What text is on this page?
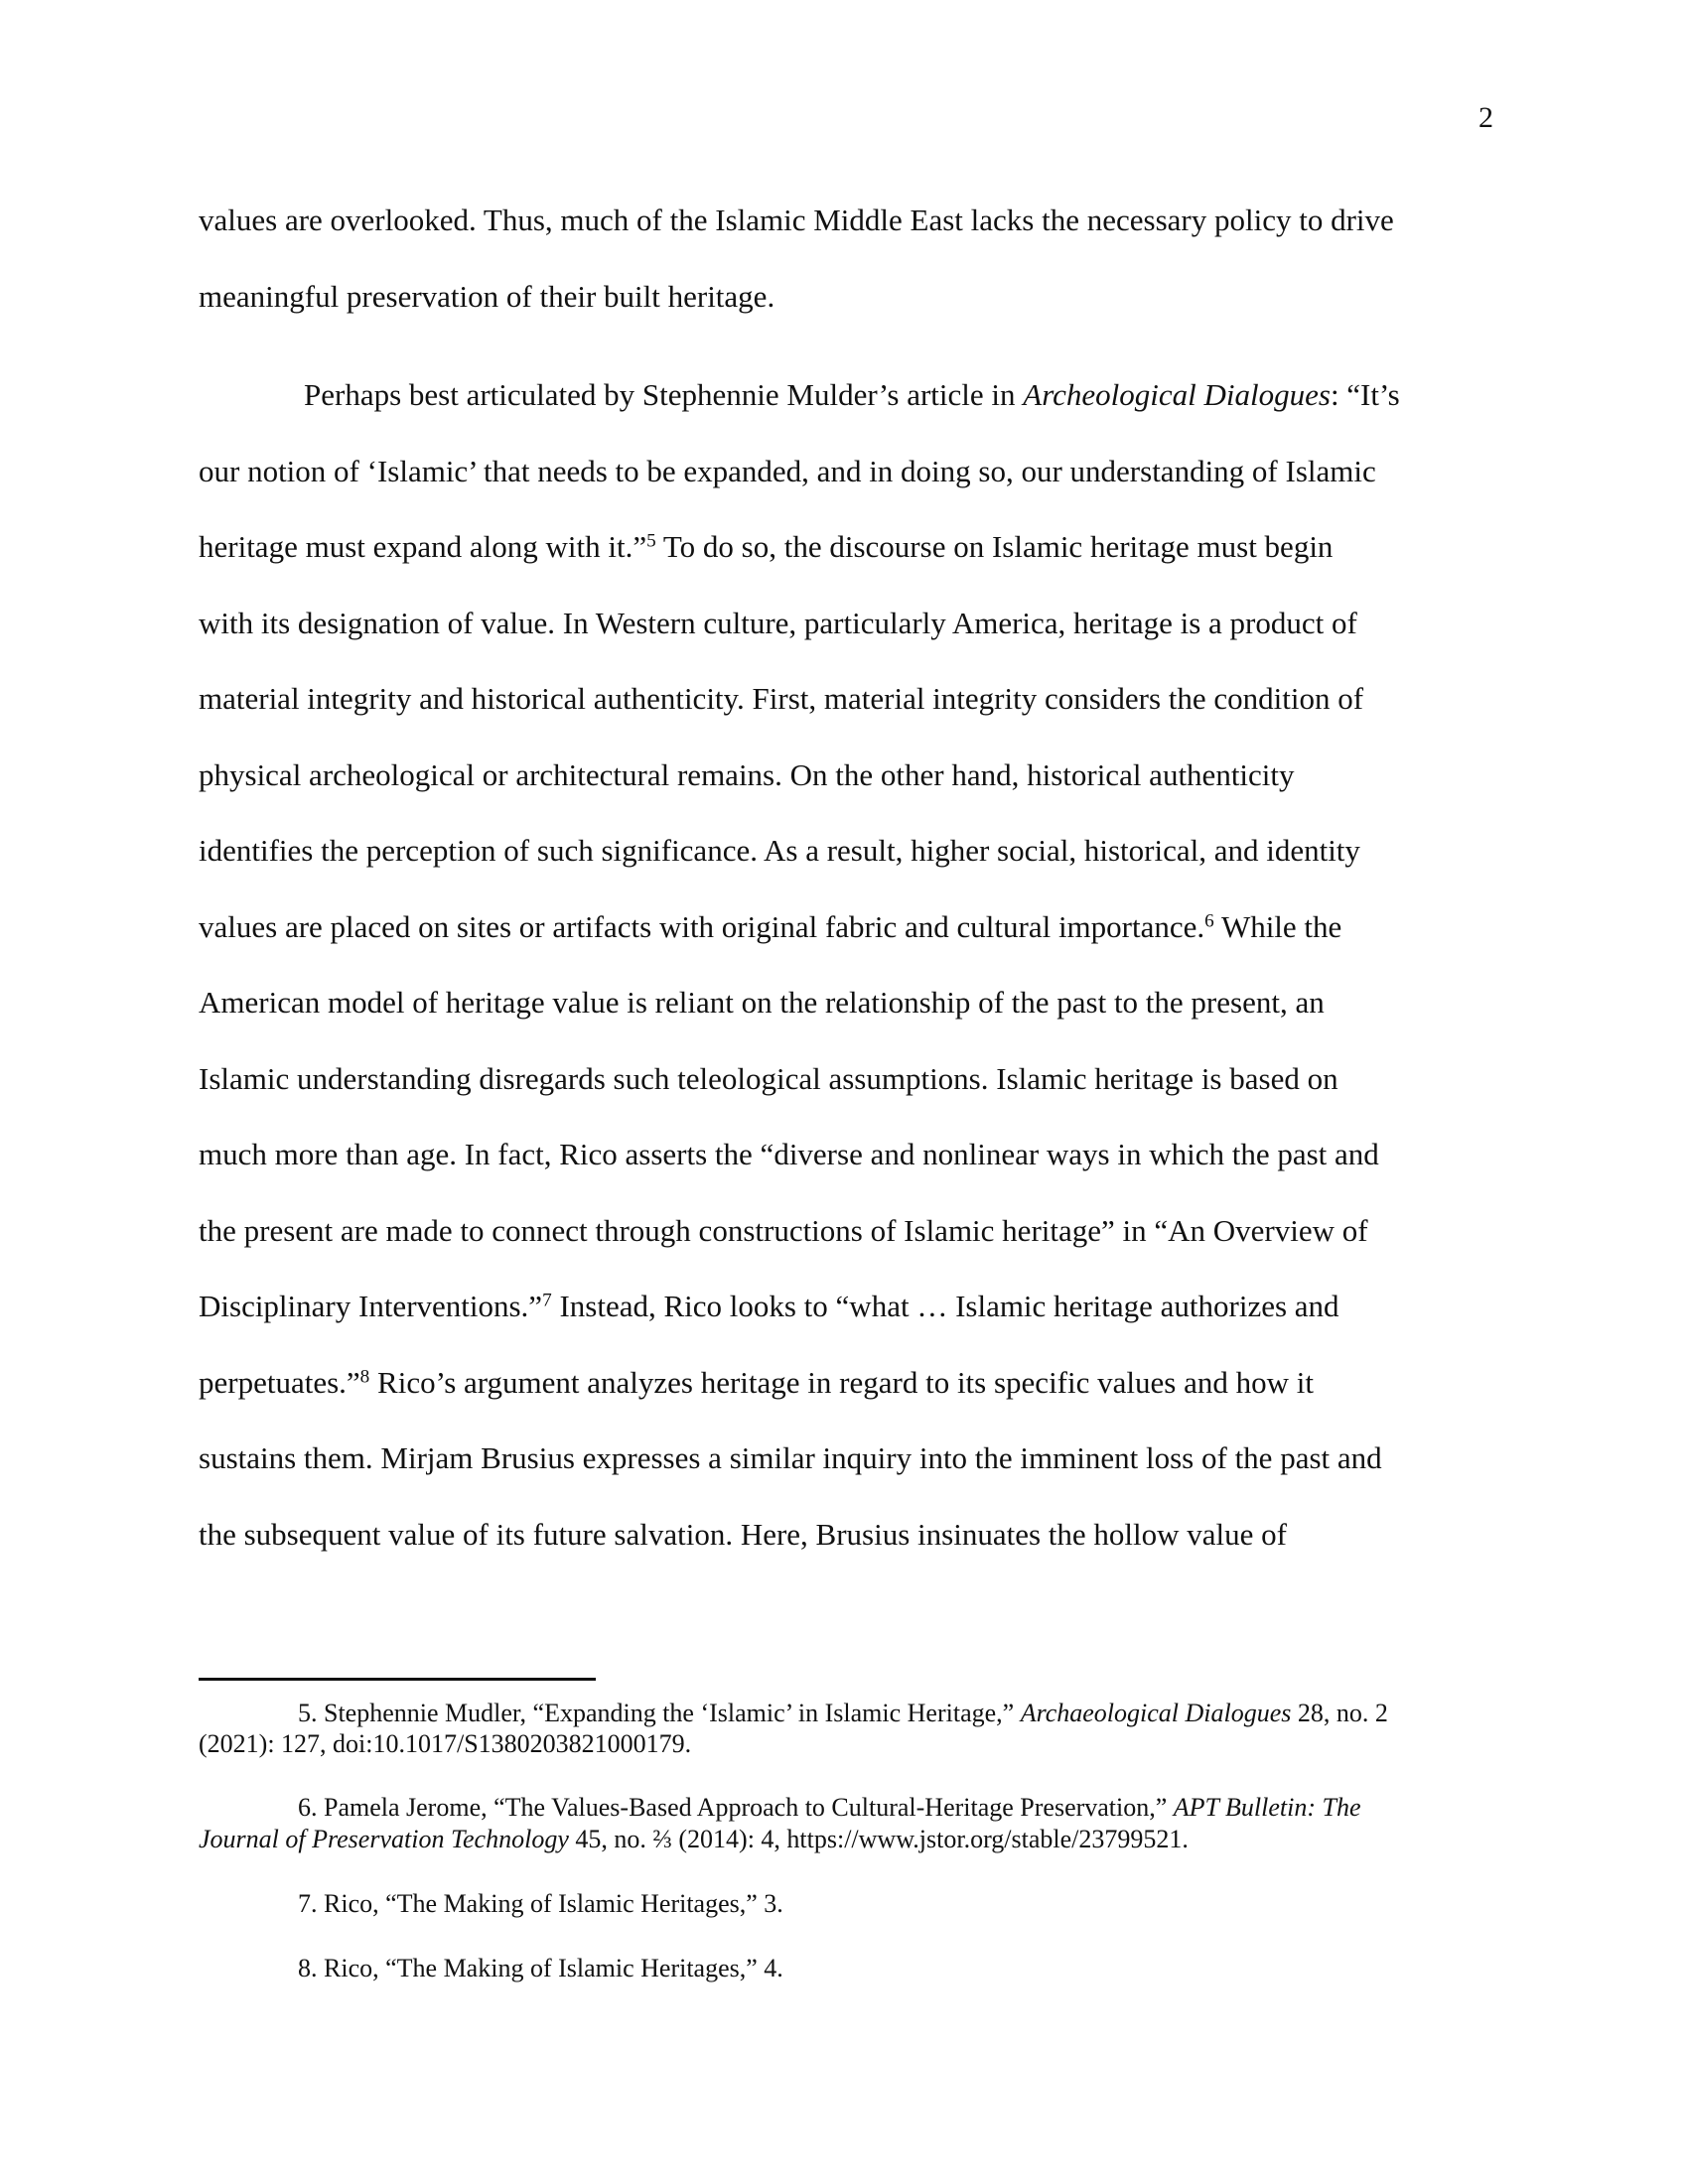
2
values are overlooked. Thus, much of the Islamic Middle East lacks the necessary policy to drive
meaningful preservation of their built heritage.
Perhaps best articulated by Stephennie Mulder’s article in Archeological Dialogues: “It’s
our notion of ‘Islamic’ that needs to be expanded, and in doing so, our understanding of Islamic
heritage must expand along with it.”$^5$ To do so, the discourse on Islamic heritage must begin
with its designation of value. In Western culture, particularly America, heritage is a product of
material integrity and historical authenticity. First, material integrity considers the condition of
physical archeological or architectural remains. On the other hand, historical authenticity
identifies the perception of such significance. As a result, higher social, historical, and identity
values are placed on sites or artifacts with original fabric and cultural importance.$^6$ While the
American model of heritage value is reliant on the relationship of the past to the present, an
Islamic understanding disregards such teleological assumptions. Islamic heritage is based on
much more than age. In fact, Rico asserts the “diverse and nonlinear ways in which the past and
the present are made to connect through constructions of Islamic heritage” in “An Overview of
Disciplinary Interventions.”$^7$ Instead, Rico looks to “what … Islamic heritage authorizes and
perpetuates.”$^8$ Rico’s argument analyzes heritage in regard to its specific values and how it
sustains them. Mirjam Brusius expresses a similar inquiry into the imminent loss of the past and
the subsequent value of its future salvation. Here, Brusius insinuates the hollow value of
5. Stephennie Mudler, “Expanding the ‘Islamic’ in Islamic Heritage,” Archaeological Dialogues 28, no. 2
(2021): 127, doi:10.1017/S1380203821000179.
6. Pamela Jerome, “The Values-Based Approach to Cultural-Heritage Preservation,” APT Bulletin: The
Journal of Preservation Technology 45, no. ⅔ (2014): 4, https://www.jstor.org/stable/23799521.
7. Rico, “The Making of Islamic Heritages,” 3.
8. Rico, “The Making of Islamic Heritages,” 4.
